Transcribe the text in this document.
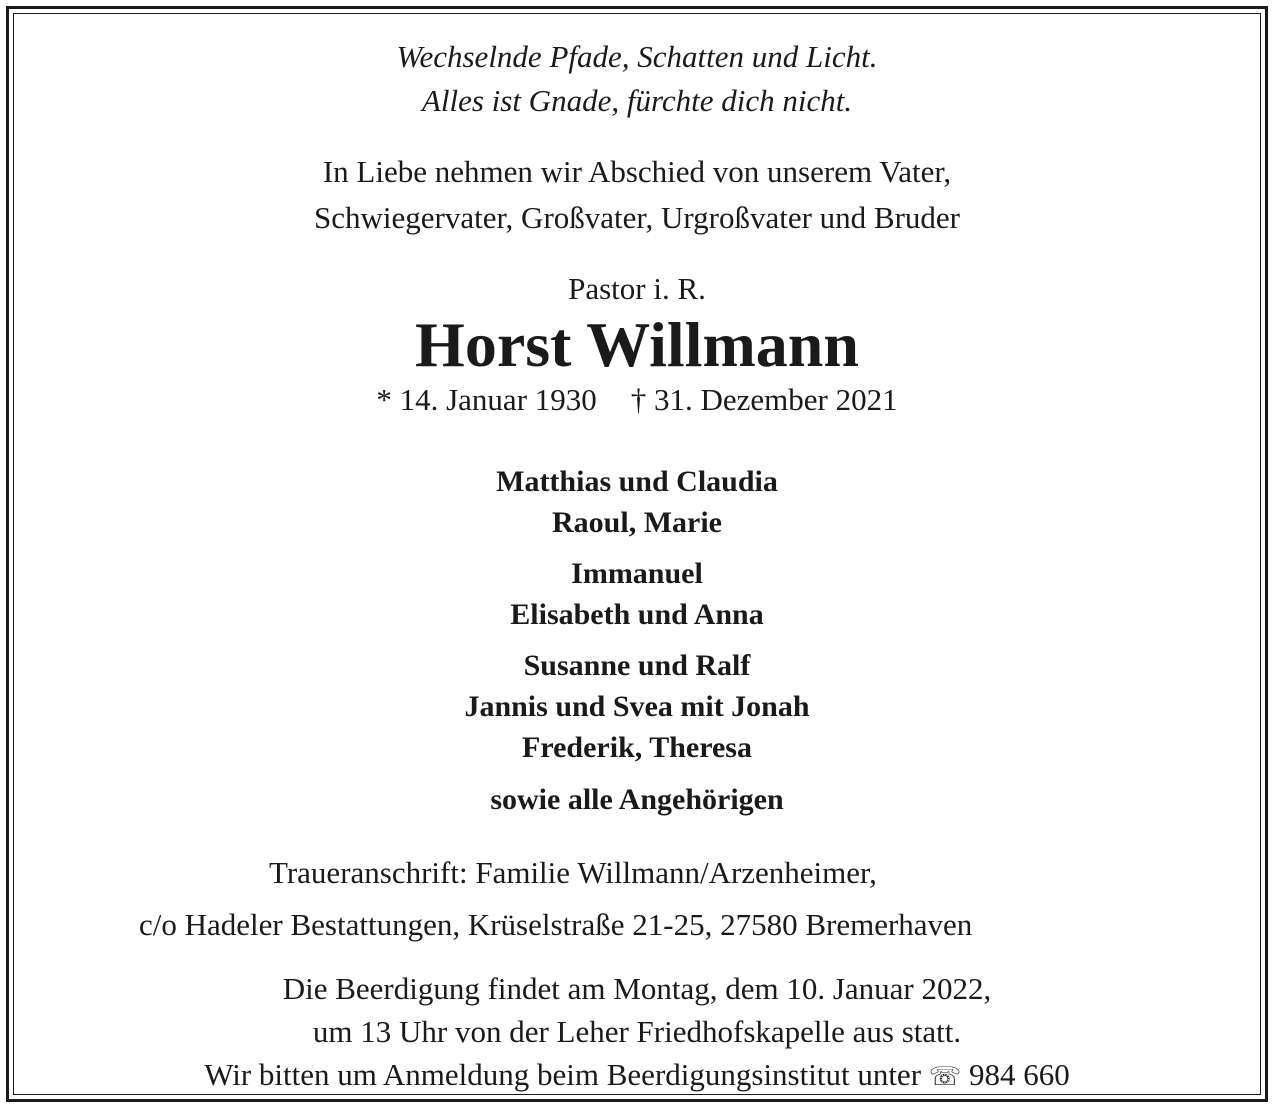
Wechselnde Pfade, Schatten und Licht.

Alles ist Gnade, fürchte dich nicht.

In Liebe nehmen wir Abschied von unserem Vater,

Schwiegervater, Großvater, Urgroßvater und Bruder

Pastor i. R.

Horst Willmann

* 14. Januar 1930 † 31. Dezember 2021

Matthias und Claudia

Raoul, Marie

Immanuel

Elisabeth und Anna

Susanne und Ralf

Jannis und Svea mit Jonah

Frederik, Theresa

sowie alle Angehörigen

Traueranschrift: Familie Willmann/Arzenheimer,

c/o Hadeler Bestattungen, Krüselstraße 21-25, 27580 Bremerhaven

Die Beerdigung findet am Montag, dem 10. Januar 2022,

um 13 Uhr von der Leher Friedhofskapelle aus statt.

Wir bitten um Anmeldung beim Beerdigungsinstitut unter ☏ 984 660
